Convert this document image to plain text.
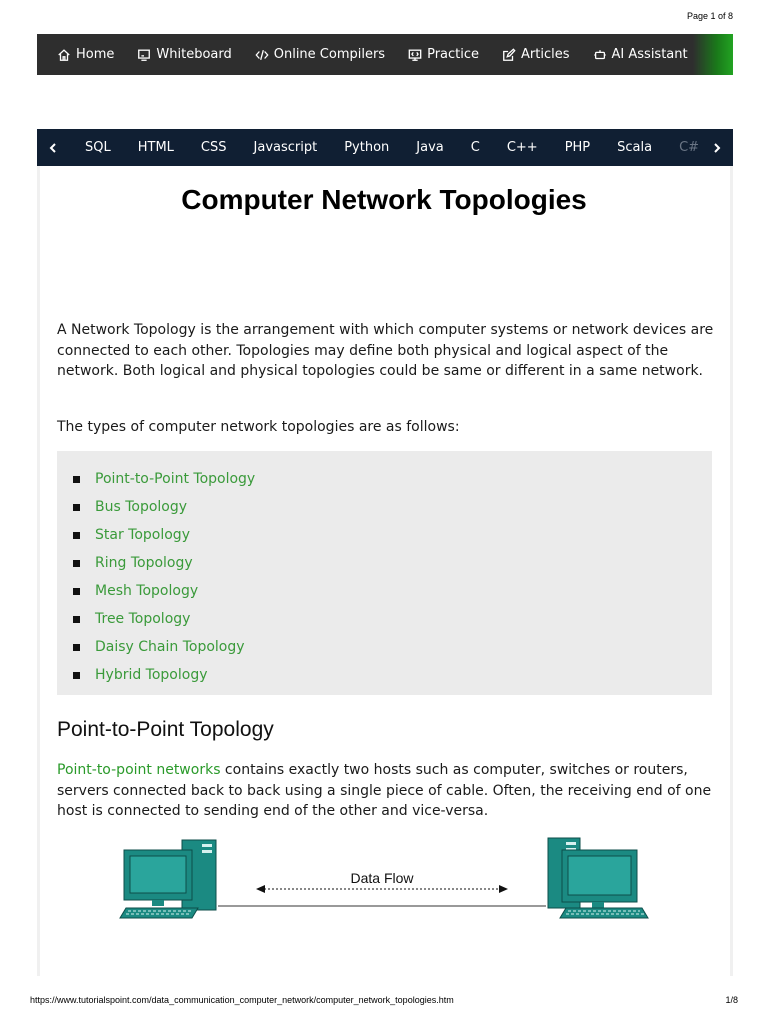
Page 1 of 8
Home	Whiteboard	Online Compilers	Practice	Articles	AI Assistant
SQL HTML CSS Javascript Python Java C C++ PHP Scala C#
Computer Network Topologies

A Network Topology is the arrangement with which computer systems or network devices are connected to each other. Topologies may define both physical and logical aspect of the network. Both logical and physical topologies could be same or different in a same network.

The types of computer network topologies are as follows:

Point-to-Point Topology
Bus Topology
Star Topology
Ring Topology
Mesh Topology
Tree Topology
Daisy Chain Topology
Hybrid Topology
Point-to-Point Topology

Point-to-point networks contains exactly two hosts such as computer, switches or routers, servers connected back to back using a single piece of cable. Often, the receiving end of one host is connected to sending end of the other and vice-versa.

Data Flow
https://www.tutorialspoint.com/data_communication_computer_network/computer_network_topologies.htm	1/8
